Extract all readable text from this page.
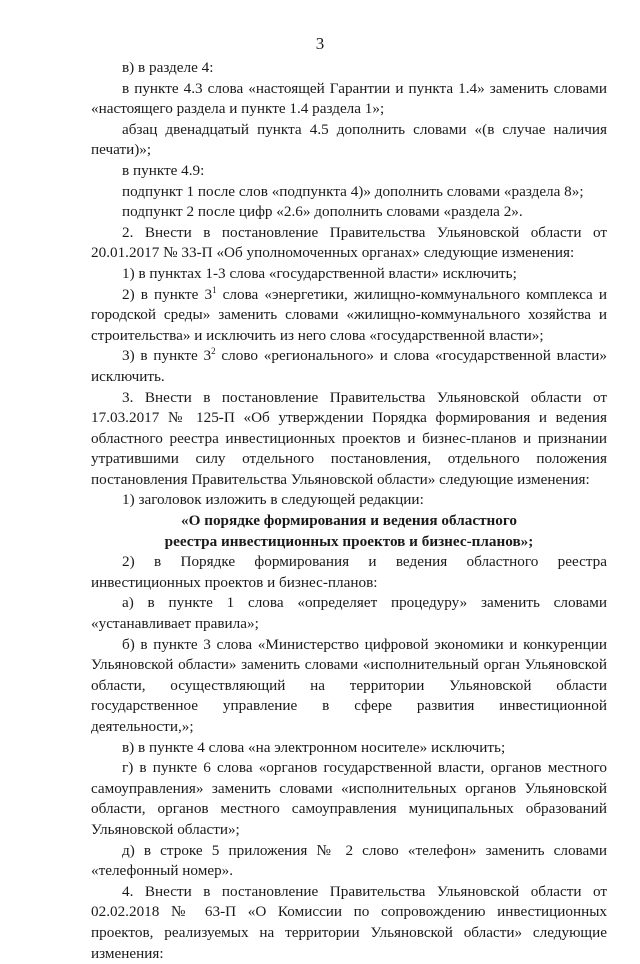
3

в) в разделе 4:

в пункте 4.3 слова «настоящей Гарантии и пункта 1.4» заменить словами «настоящего раздела и пункте 1.4 раздела 1»;

абзац двенадцатый пункта 4.5 дополнить словами «(в случае наличия печати)»;

в пункте 4.9:

подпункт 1 после слов «подпункта 4)» дополнить словами «раздела 8»;

подпункт 2 после цифр «2.6» дополнить словами «раздела 2».

2. Внести в постановление Правительства Ульяновской области от 20.01.2017 № 33-П «Об уполномоченных органах» следующие изменения:

1) в пунктах 1-3 слова «государственной власти» исключить;

2) в пункте $3^1$ слова «энергетики, жилищно-коммунального комплекса и городской среды» заменить словами «жилищно-коммунального хозяйства и строительства» и исключить из него слова «государственной власти»;

3) в пункте $3^2$ слово «регионального» и слова «государственной власти» исключить.

3. Внести в постановление Правительства Ульяновской области от 17.03.2017 № 125-П «Об утверждении Порядка формирования и ведения областного реестра инвестиционных проектов и бизнес-планов и признании утратившими силу отдельного постановления, отдельного положения постановления Правительства Ульяновской области» следующие изменения:

1) заголовок изложить в следующей редакции:

«О порядке формирования и ведения областного

реестра инвестиционных проектов и бизнес-планов»;

2) в Порядке формирования и ведения областного реестра инвестиционных проектов и бизнес-планов:

а) в пункте 1 слова «определяет процедуру» заменить словами «устанавливает правила»;

б) в пункте 3 слова «Министерство цифровой экономики и конкуренции Ульяновской области» заменить словами «исполнительный орган Ульяновской области, осуществляющий на территории Ульяновской области государственное управление в сфере развития инвестиционной деятельности,»;

в) в пункте 4 слова «на электронном носителе» исключить;

г) в пункте 6 слова «органов государственной власти, органов местного самоуправления» заменить словами «исполнительных органов Ульяновской области, органов местного самоуправления муниципальных образований Ульяновской области»;

д) в строке 5 приложения № 2 слово «телефон» заменить словами «телефонный номер».

4. Внести в постановление Правительства Ульяновской области от 02.02.2018 № 63-П «О Комиссии по сопровождению инвестиционных проектов, реализуемых на территории Ульяновской области» следующие изменения:
